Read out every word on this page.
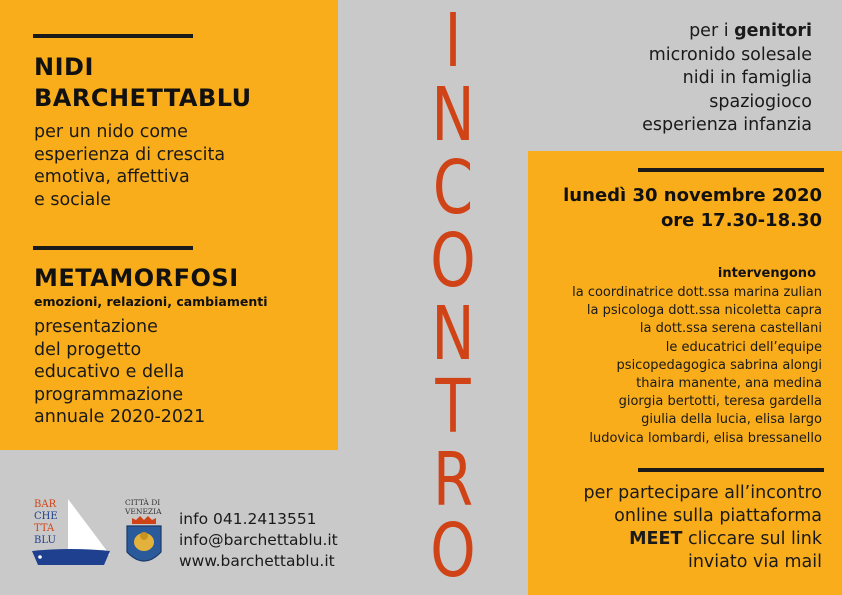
NIDI
BARCHETTABLU
per un nido come
esperienza di crescita
emotiva, affettiva
e sociale
METAMORFOSI
emozioni, relazioni, cambiamenti
presentazione
del progetto
educativo e della
programmazione
annuale 2020-2021
BAR
CHE
TTA
BLU
CITTÀ DI
VENEZIA info 041.2413551
info@barchettablu.it
www.barchettablu.it
I
N
C
O
N
T
R
O
per i genitori
micronido solesale
nidi in famiglia
spaziogioco
esperienza infanzia
lunedì 30 novembre 2020
ore 17.30-18.30
intervengono
la coordinatrice dott.ssa marina zulian
la psicologa dott.ssa nicoletta capra
la dott.ssa serena castellani
le educatrici dell’equipe
psicopedagogica sabrina alongi
thaira manente, ana medina
giorgia bertotti, teresa gardella
giulia della lucia, elisa largo
ludovica lombardi, elisa bressanello
per partecipare all’incontro
online sulla piattaforma
MEET cliccare sul link
inviato via mail
